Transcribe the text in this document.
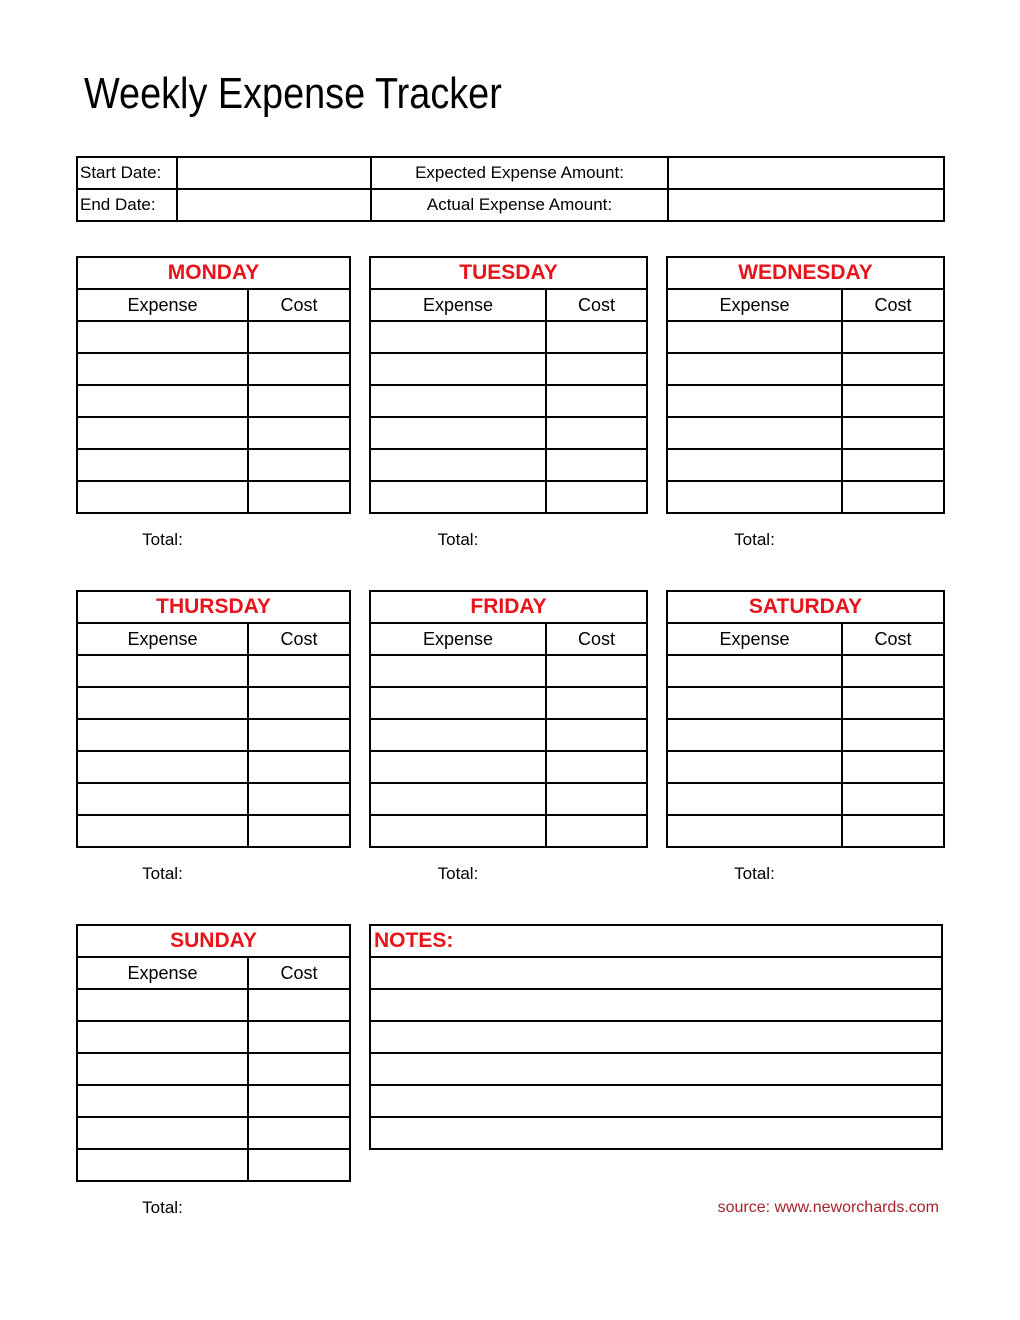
Weekly Expense Tracker
Start Date:		Expected Expense Amount:	
End Date:		Actual Expense Amount:	
MONDAY	
Expense	Cost

Total:
TUESDAY	
Expense	Cost

Total:
WEDNESDAY	
Expense	Cost

Total:
THURSDAY	
Expense	Cost

Total:
FRIDAY	
Expense	Cost

Total:
SATURDAY	
Expense	Cost

Total:
SUNDAY	
Expense	Cost

Total:
NOTES:

source: www.neworchards.com
